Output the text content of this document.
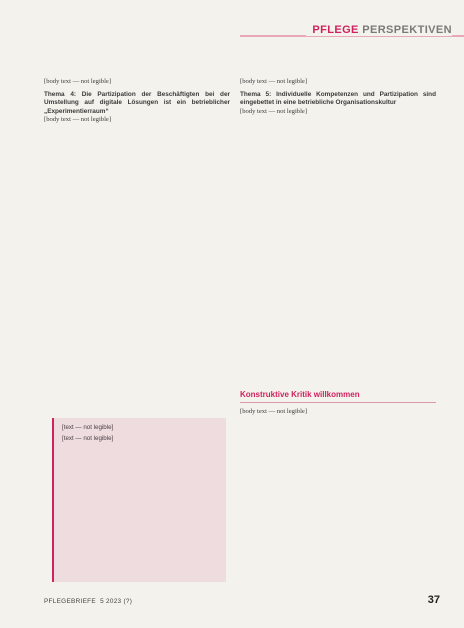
PFLEGE PERSPEKTIVEN

[body text — not legible]

Thema 4: Die Partizipation der Beschäftigten bei der Umstellung auf digitale Lösungen ist ein betrieblicher „Experimentierraum“

[body text — not legible]

[text — not legible]

[text — not legible]

[body text — not legible]

Thema 5: Individuelle Kompetenzen und Partizipation sind eingebettet in eine betriebliche Organisationskultur

[body text — not legible]

Konstruktive Kritik willkommen

[body text — not legible]

PFLEGEBRIEFE 5 2023 (?)	37
